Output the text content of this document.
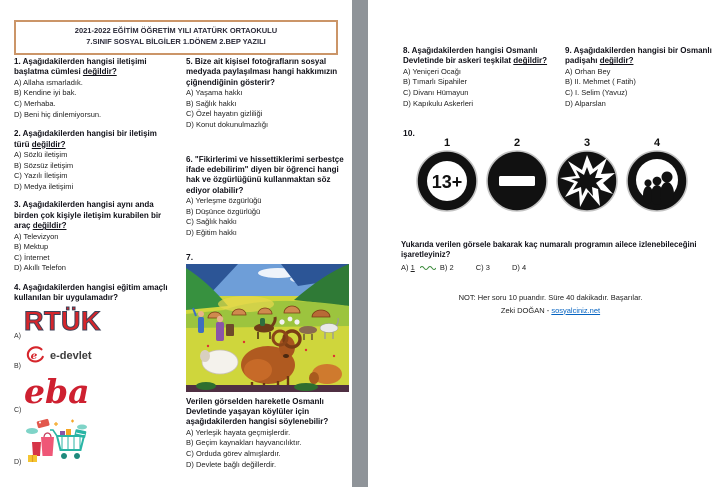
2021-2022 EĞİTİM ÖĞRETİM YILI ATATÜRK ORTAOKULU
7.SINIF SOSYAL BİLGİLER 1.DÖNEM 2.BEP YAZILI

1. Aşağıdakilerden hangisi iletişimi başlatma cümlesi değildir?

A) Allaha ısmarladık.

B) Kendine iyi bak.

C) Merhaba.

D) Beni hiç dinlemiyorsun.

2. Aşağıdakilerden hangisi bir iletişim türü değildir?

A) Sözlü iletişim

B) Sözsüz iletişim

C) Yazılı İletişim

D) Medya iletişimi

3. Aşağıdakilerden hangisi aynı anda birden çok kişiyle iletişim kurabilen bir araç değildir?

A) Televizyon

B) Mektup

C) İnternet

D) Akıllı Telefon

4. Aşağıdakilerden hangisi eğitim amaçlı kullanılan bir uygulamadır?

RTÜK
A)
e e-devlet
B)
eba
C)
D)

5. Bize ait kişisel fotoğrafların sosyal medyada paylaşılması hangi hakkımızın çiğnendiğinin gösterir?

A) Yaşama hakkı

B) Sağlık hakkı

C) Özel hayatın gizliliği

D) Konut dokunulmazlığı

6. "Fikirlerimi ve hissettiklerimi serbestçe ifade edebilirim" diyen bir öğrenci hangi hak ve özgürlüğünü kullanmaktan söz ediyor olabilir?

A) Yerleşme özgürlüğü

B) Düşünce özgürlüğü

C) Sağlık hakkı

D) Eğitim hakkı

7.

Verilen görselden hareketle Osmanlı Devletinde yaşayan köylüler için aşağıdakilerden hangisi söylenebilir?

A) Yerleşik hayata geçmişlerdir.

B) Geçim kaynakları hayvancılıktır.

C) Orduda görev almışlardır.

D) Devlete bağlı değillerdir.

8. Aşağıdakilerden hangisi Osmanlı Devletinde bir askeri teşkilat değildir?

A) Yeniçeri Ocağı

B) Tımarlı Sipahiler

C) Divanı Hümayun

D) Kapıkulu Askerleri

9. Aşağıdakilerden hangisi bir Osmanlı padişahı değildir?

A) Orhan Bey

B) II. Mehmet ( Fatih)

C) I. Selim (Yavuz)

D) Alparslan

10.
1
13+
2	3	4
Yukarıda verilen görsele bakarak kaç numaralı programın ailece izlenebileceğini işaretleyiniz?
A) 1	B) 2	C) 3	D) 4
NOT: Her soru 10 puandır. Süre 40 dakikadır. Başarılar.
Zeki DOĞAN - sosyalciniz.net
